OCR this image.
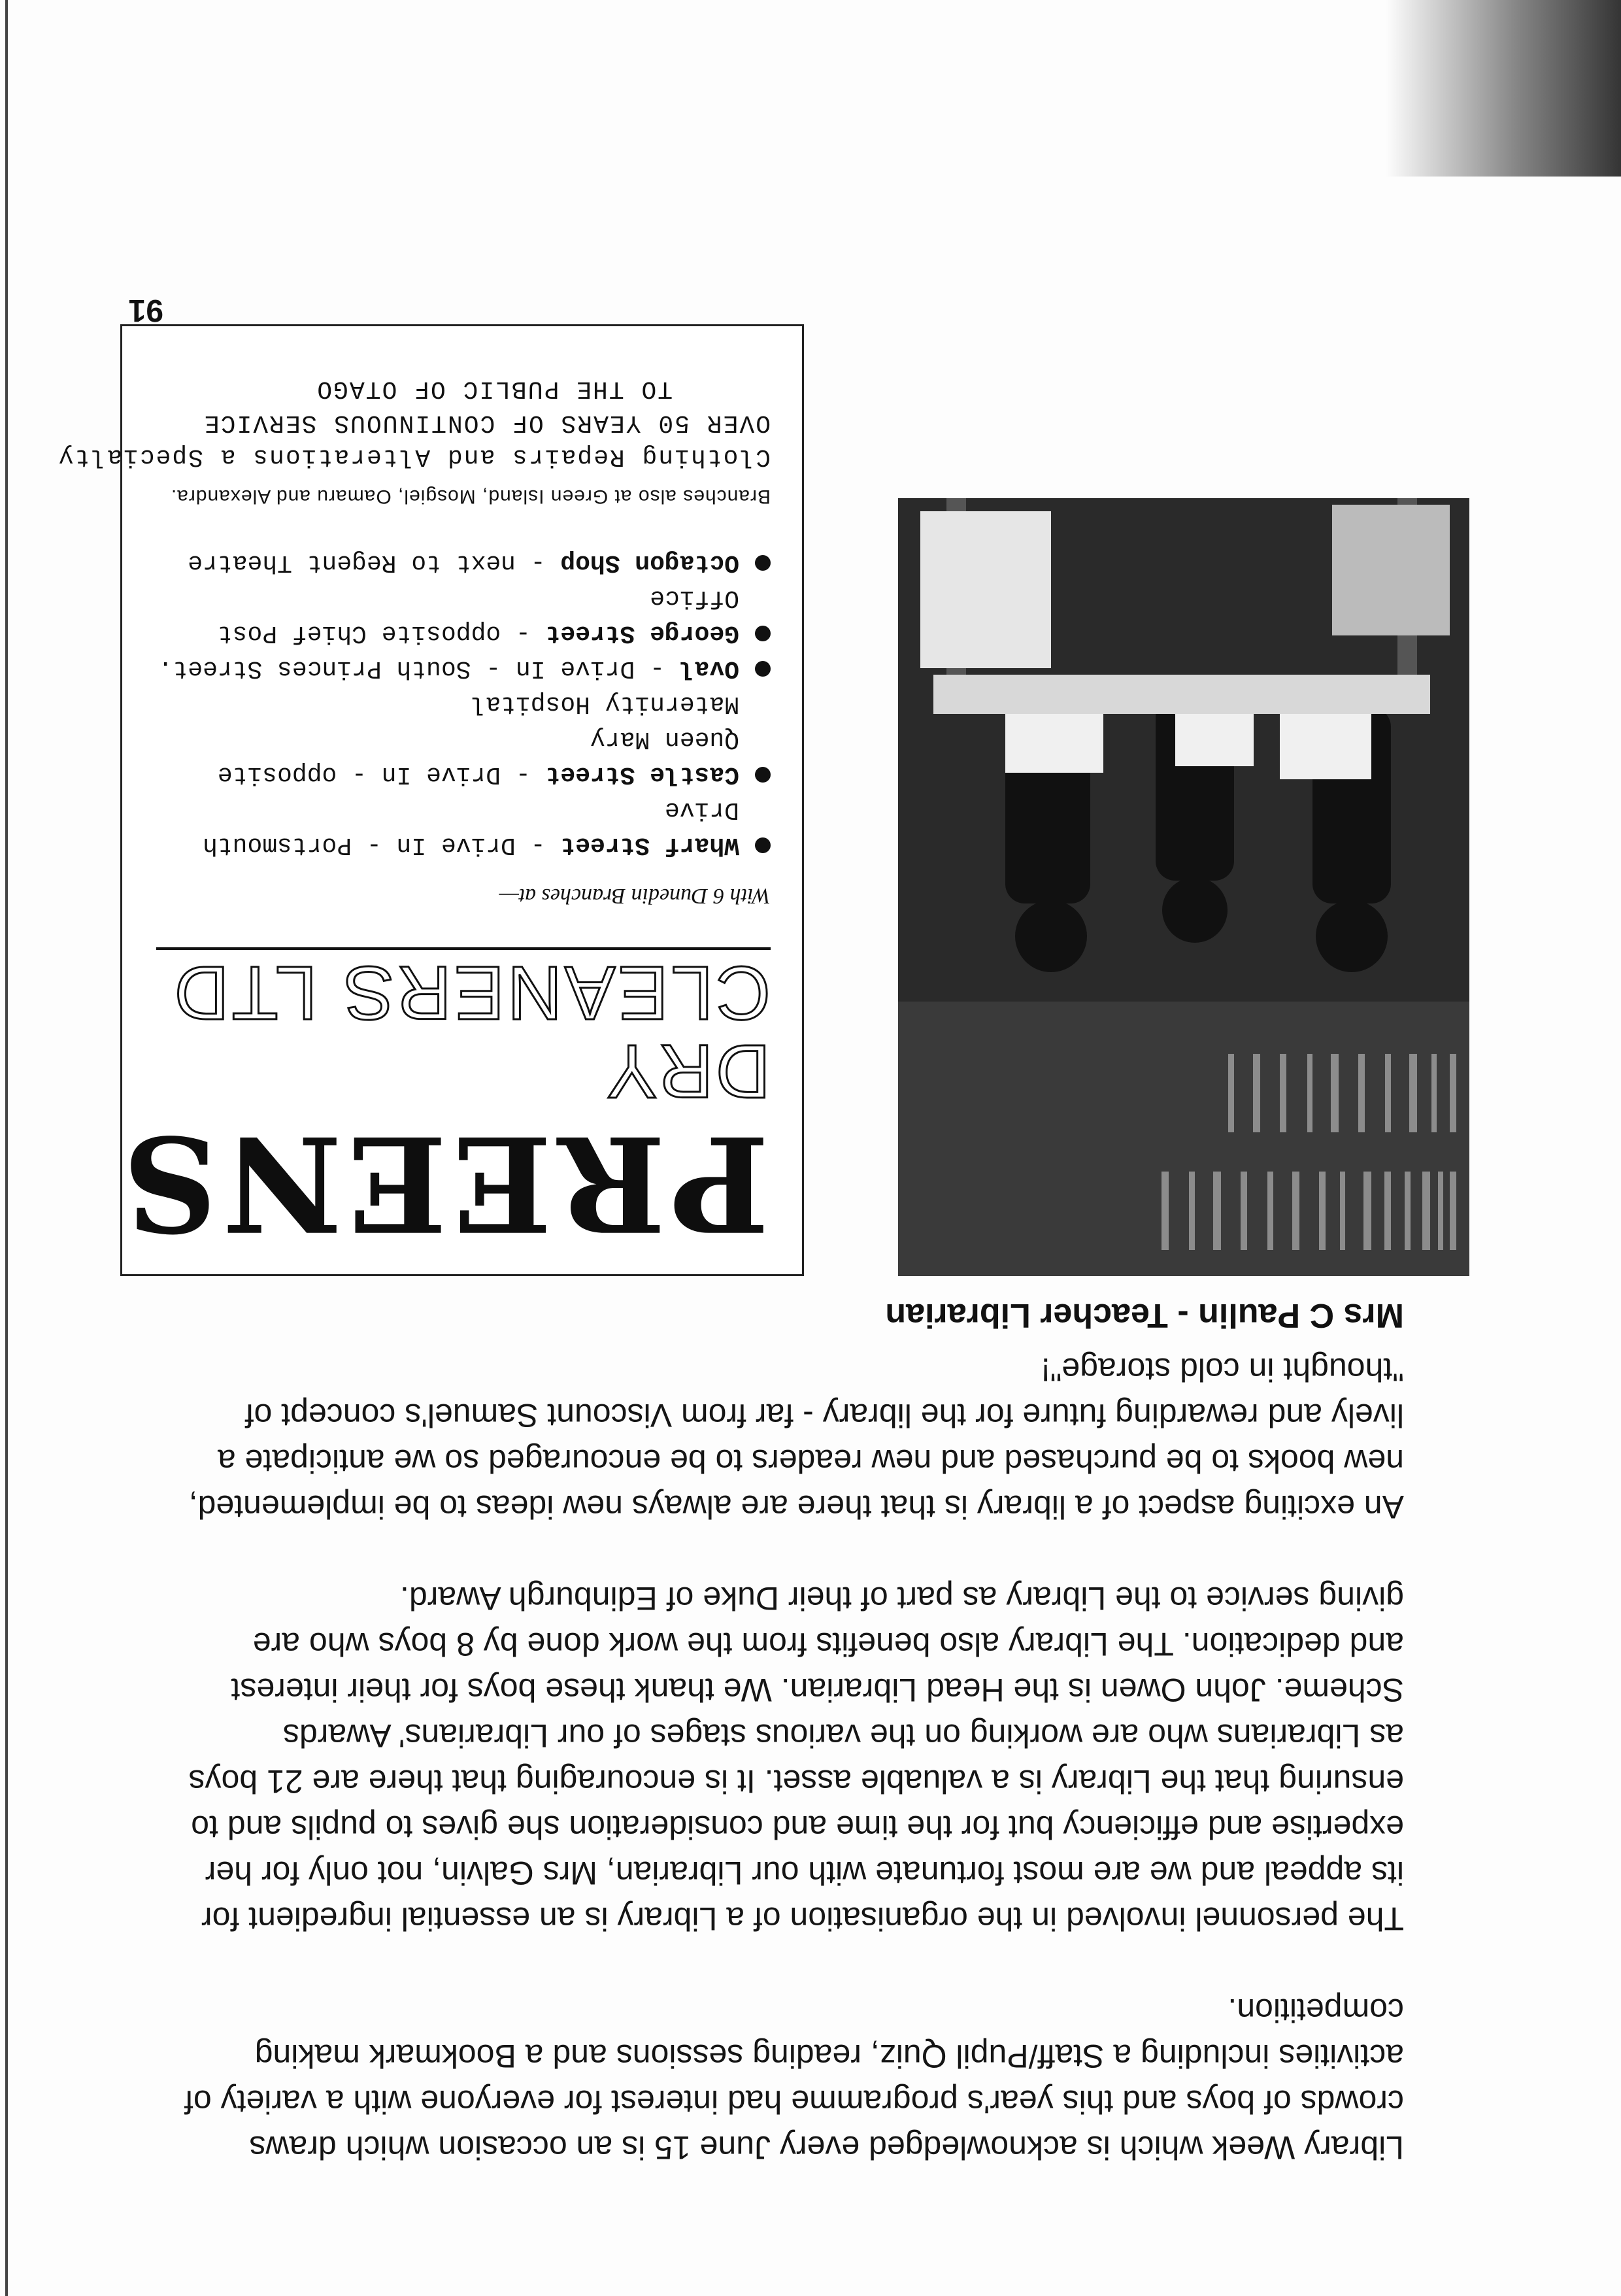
Library Week which is acknowledged every June 15 is an occasion which draws crowds of boys and this year's programme had interest for everyone with a variety of activities including a Staff/Pupil Quiz, reading sessions and a Bookmark making competition.

The personnel involved in the organisation of a Library is an essential ingredient for its appeal and we are most fortunate with our Librarian, Mrs Galvin, not only for her expertise and efficiency but for the time and consideration she gives to pupils and to ensuring that the Library is a valuable asset. It is encouraging that there are 21 boys as Librarians who are working on the various stages of our Librarians' Awards Scheme. John Owen is the Head Librarian. We thank these boys for their interest and dedication. The Library also benefits from the work done by 8 boys who are giving service to the Library as part of their Duke of Edinburgh Award.

An exciting aspect of a library is that there are always new ideas to be implemented, new books to be purchased and new readers to be encouraged so we anticipate a lively and rewarding future for the library - far from Viscount Samuel's concept of "thought in cold storage"!

Mrs C Paulin - Teacher Librarian
PREENS
DRY CLEANERS LTD
With 6 Dunedin Branches at—
Wharf Street - Drive In - Portsmouth Drive
Castle Street - Drive In - opposite Queen Mary
Maternity Hospital
Oval - Drive In - South Princes Street.
George Street - opposite Chief Post Office
Octagon Shop - next to Regent Theatre
Branches also at Green Island, Mosgiel, Oamaru and Alexandra.
Clothing Repairs and Alterations a Specialty
OVER 50 YEARS OF CONTINUOUS SERVICE
TO THE PUBLIC OF OTAGO
91
